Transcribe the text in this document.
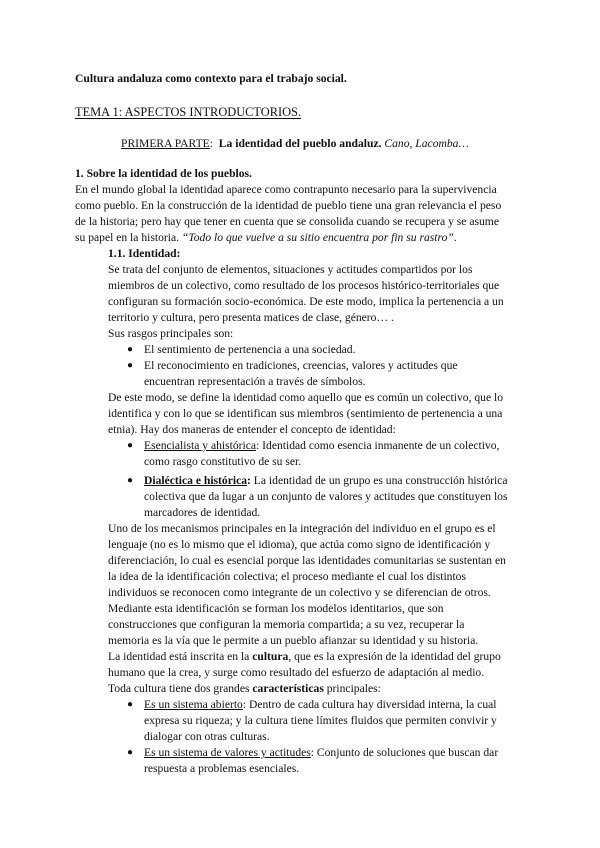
Cultura andaluza como contexto para el trabajo social.
TEMA 1: ASPECTOS INTRODUCTORIOS.
PRIMERA PARTE: La identidad del pueblo andaluz. Cano, Lacomba…
1. Sobre la identidad de los pueblos.
En el mundo global la identidad aparece como contrapunto necesario para la supervivencia
como pueblo. En la construcción de la identidad de pueblo tiene una gran relevancia el peso
de la historia; pero hay que tener en cuenta que se consolida cuando se recupera y se asume
su papel en la historia. “Todo lo que vuelve a su sitio encuentra por fin su rastro”.
1.1. Identidad:
Se trata del conjunto de elementos, situaciones y actitudes compartidos por los
miembros de un colectivo, como resultado de los procesos histórico-territoriales que
configuran su formación socio-económica. De este modo, implica la pertenencia a un
territorio y cultura, pero presenta matices de clase, género… .
Sus rasgos principales son:
● El sentimiento de pertenencia a una sociedad.
● El reconocimiento en tradiciones, creencias, valores y actitudes que
encuentran representación a través de símbolos.
De este modo, se define la identidad como aquello que es común un colectivo, que lo
identifica y con lo que se identifican sus miembros (sentimiento de pertenencia a una
etnia). Hay dos maneras de entender el concepto de identidad:
● Esencialista y ahistórica: Identidad como esencia inmanente de un colectivo,
como rasgo constitutivo de su ser.
● Dialéctica e histórica: La identidad de un grupo es una construcción histórica
colectiva que da lugar a un conjunto de valores y actitudes que constituyen los
marcadores de identidad.
Uno de los mecanismos principales en la integración del individuo en el grupo es el
lenguaje (no es lo mismo que el idioma), que actúa como signo de identificación y
diferenciación, lo cual es esencial porque las identidades comunitarias se sustentan en
la idea de la identificación colectiva; el proceso mediante el cual los distintos
individuos se reconocen como integrante de un colectivo y se diferencian de otros.
Mediante esta identificación se forman los modelos identitarios, que son
construcciones que configuran la memoria compartida; a su vez, recuperar la
memoria es la vía que le permite a un pueblo afianzar su identidad y su historia.
La identidad está inscrita en la cultura, que es la expresión de la identidad del grupo
humano que la crea, y surge como resultado del esfuerzo de adaptación al medio.
Toda cultura tiene dos grandes características principales:
● Es un sistema abierto: Dentro de cada cultura hay diversidad interna, la cual
expresa su riqueza; y la cultura tiene límites fluidos que permiten convivir y
dialogar con otras culturas.
● Es un sistema de valores y actitudes: Conjunto de soluciones que buscan dar
respuesta a problemas esenciales.
